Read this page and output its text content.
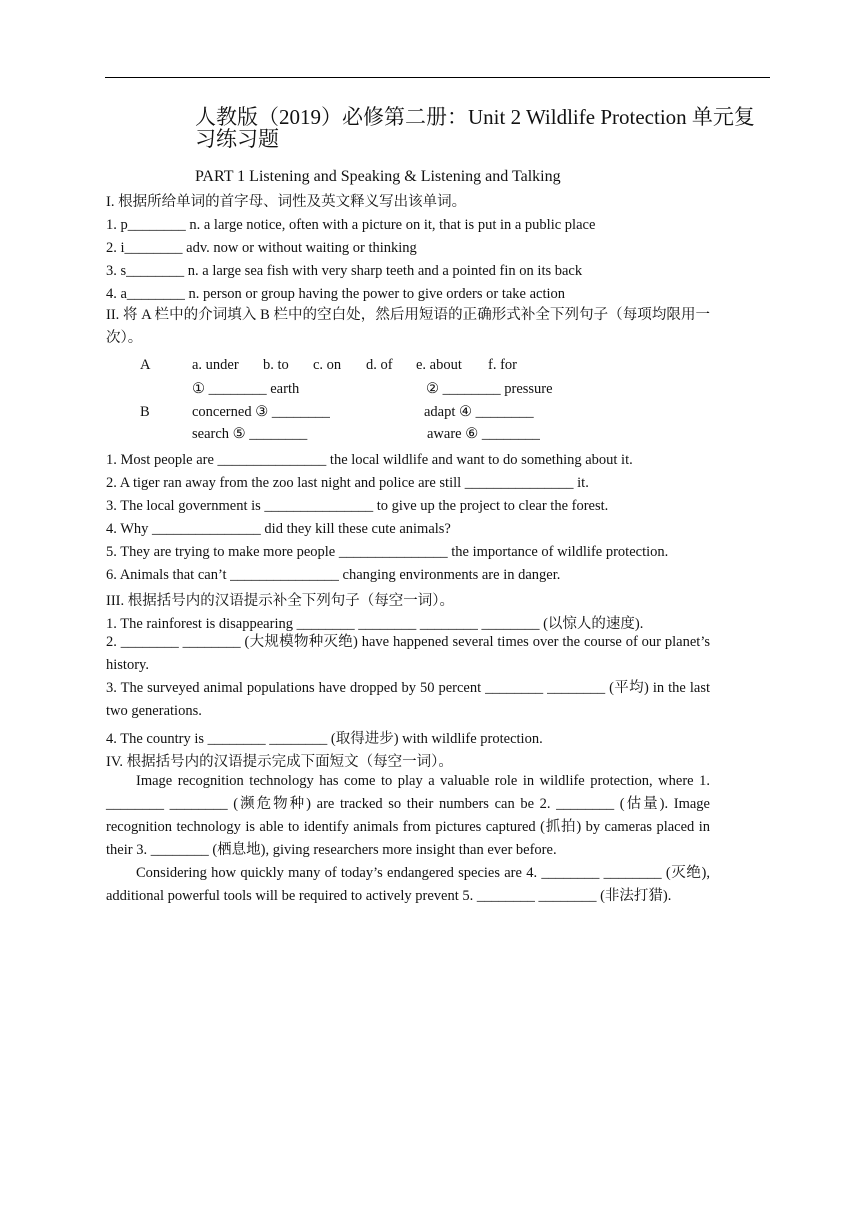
人教版（2019）必修第二册：Unit 2 Wildlife Protection 单元复习练习题
PART 1 Listening and Speaking & Listening and Talking
I. 根据所给单词的首字母、词性及英文释义写出该单词。
1. p________ n. a large notice, often with a picture on it, that is put in a public place
2. i________ adv. now or without waiting or thinking
3. s________ n. a large sea fish with very sharp teeth and a pointed fin on its back
4. a________ n. person or group having the power to give orders or take action
II. 将 A 栏中的介词填入 B 栏中的空白处，然后用短语的正确形式补全下列句子（每项均限用一次）。
A	a. under b. to c. on d. of e. about f. for
① ________ earth	② ________ pressure
B	concerned ③ ________	adapt ④ ________
search ⑤ ________	aware ⑥ ________
1. Most people are _______________ the local wildlife and want to do something about it.
2. A tiger ran away from the zoo last night and police are still _______________ it.
3. The local government is _______________ to give up the project to clear the forest.
4. Why _______________ did they kill these cute animals?
5. They are trying to make more people _______________ the importance of wildlife protection.
6. Animals that can’t _______________ changing environments are in danger.
III. 根据括号内的汉语提示补全下列句子（每空一词）。
1. The rainforest is disappearing ________ ________ ________ ________ (以惊人的速度).
2. ________ ________ (大规模物种灭绝) have happened several times over the course of our planet’s history.
3. The surveyed animal populations have dropped by 50 percent ________ ________ (平均) in the last two generations.
4. The country is ________ ________ (取得进步) with wildlife protection.
IV. 根据括号内的汉语提示完成下面短文（每空一词）。
Image recognition technology has come to play a valuable role in wildlife protection, where 1. ________ ________ (濒危物种) are tracked so their numbers can be 2. ________ (估量). Image recognition technology is able to identify animals from pictures captured (抓拍) by cameras placed in their 3. ________ (栖息地), giving researchers more insight than ever before.
Considering how quickly many of today’s endangered species are 4. ________ ________ (灭绝), additional powerful tools will be required to actively prevent 5. ________ ________ (非法打猎).
